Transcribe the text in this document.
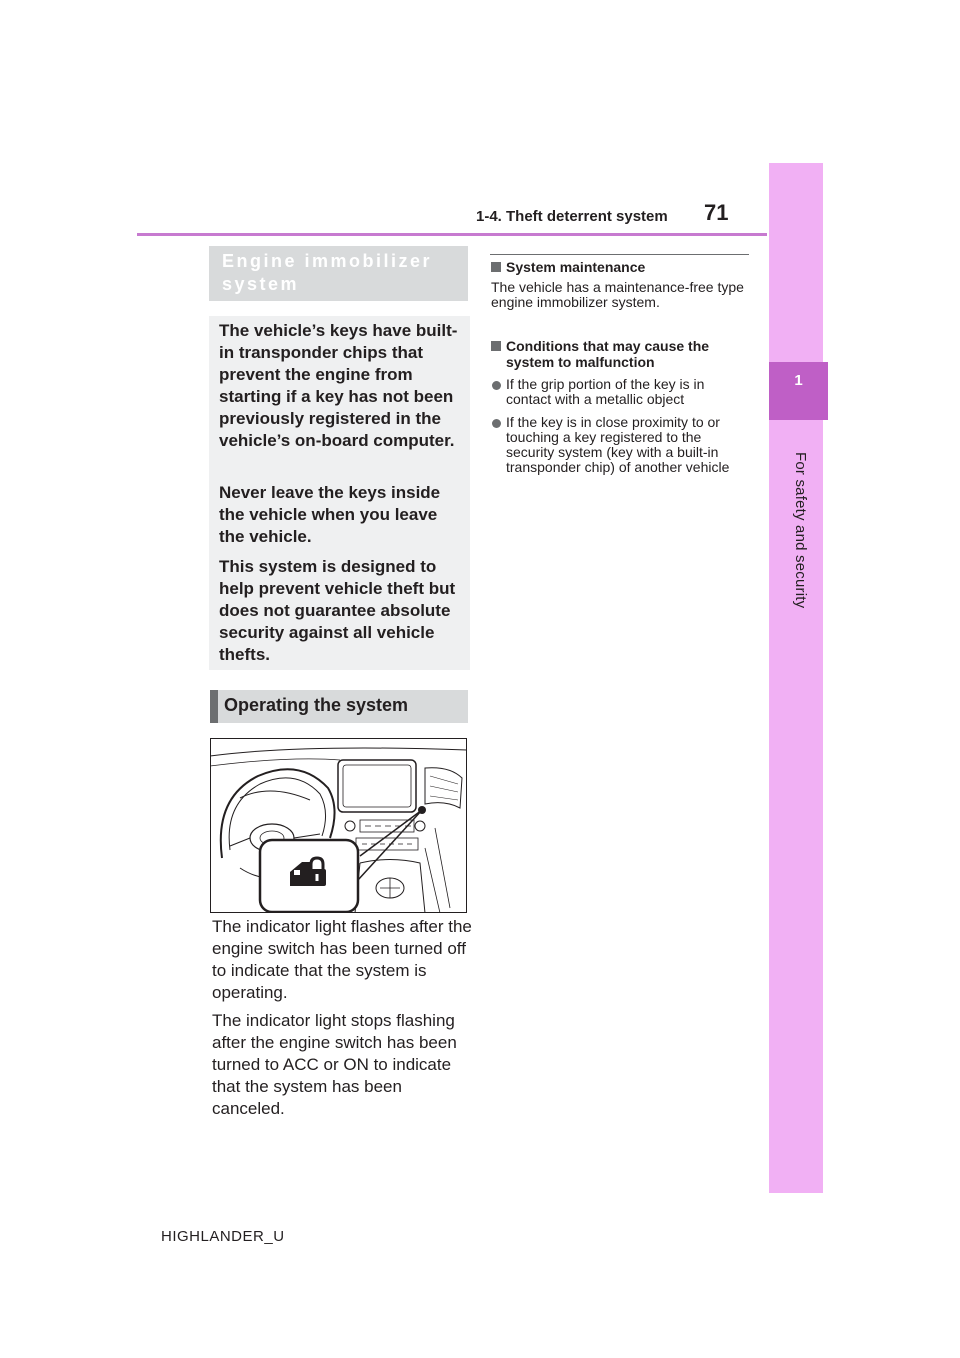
1
For safety and security
1-4. Theft deterrent system 71
Engine immobilizer system

The vehicle’s keys have built-in transponder chips that prevent the engine from starting if a key has not been previously registered in the vehicle’s on-board computer.

Never leave the keys inside the vehicle when you leave the vehicle.

This system is designed to help prevent vehicle theft but does not guarantee absolute security against all vehicle thefts.

Operating the system

The indicator light flashes after the engine switch has been turned off to indicate that the system is operating.

The indicator light stops flashing after the engine switch has been turned to ACC or ON to indicate that the system has been canceled.

System maintenance

The vehicle has a maintenance-free type engine immobilizer system.

Conditions that may cause the system to malfunction

If the grip portion of the key is in contact with a metallic object

If the key is in close proximity to or touching a key registered to the security system (key with a built-in transponder chip) of another vehicle

HIGHLANDER_U
